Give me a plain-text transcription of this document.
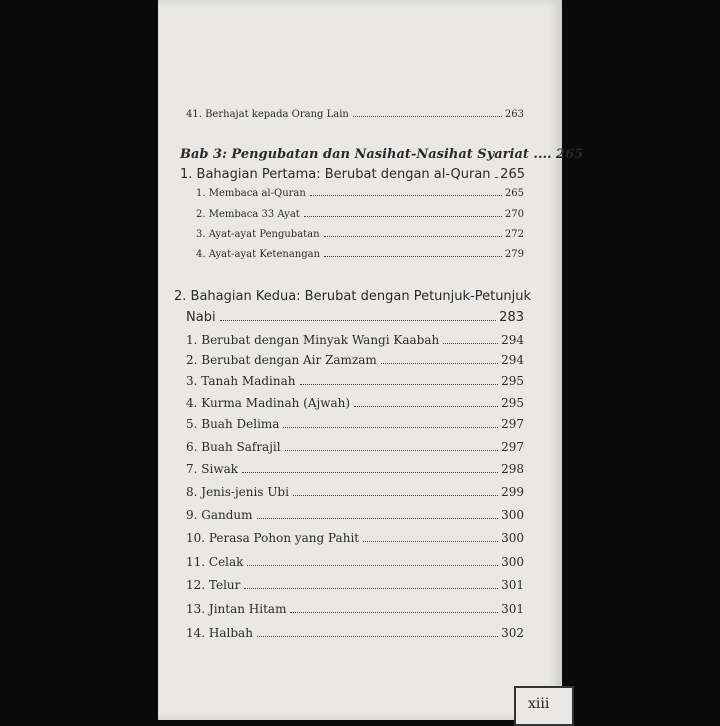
41. Berhajat kepada Orang Lain	263
Bab 3: Pengubatan dan Nasihat-Nasihat Syariat .... 265
1. Bahagian Pertama: Berubat dengan al-Quran 265
1. Membaca al-Quran	265
2. Membaca 33 Ayat	270
3. Ayat-ayat Pengubatan	272
4. Ayat-ayat Ketenangan	279
2. Bahagian Kedua: Berubat dengan Petunjuk-Petunjuk
Nabi	283
1. Berubat dengan Minyak Wangi Kaabah	294
2. Berubat dengan Air Zamzam	294
3. Tanah Madinah	295
4. Kurma Madinah (Ajwah)	295
5. Buah Delima	297
6. Buah Safrajil	297
7. Siwak	298
8. Jenis-jenis Ubi	299
9. Gandum	300
10. Perasa Pohon yang Pahit	300
11. Celak	300
12. Telur	301
13. Jintan Hitam	301
14. Halbah	302
xiii
